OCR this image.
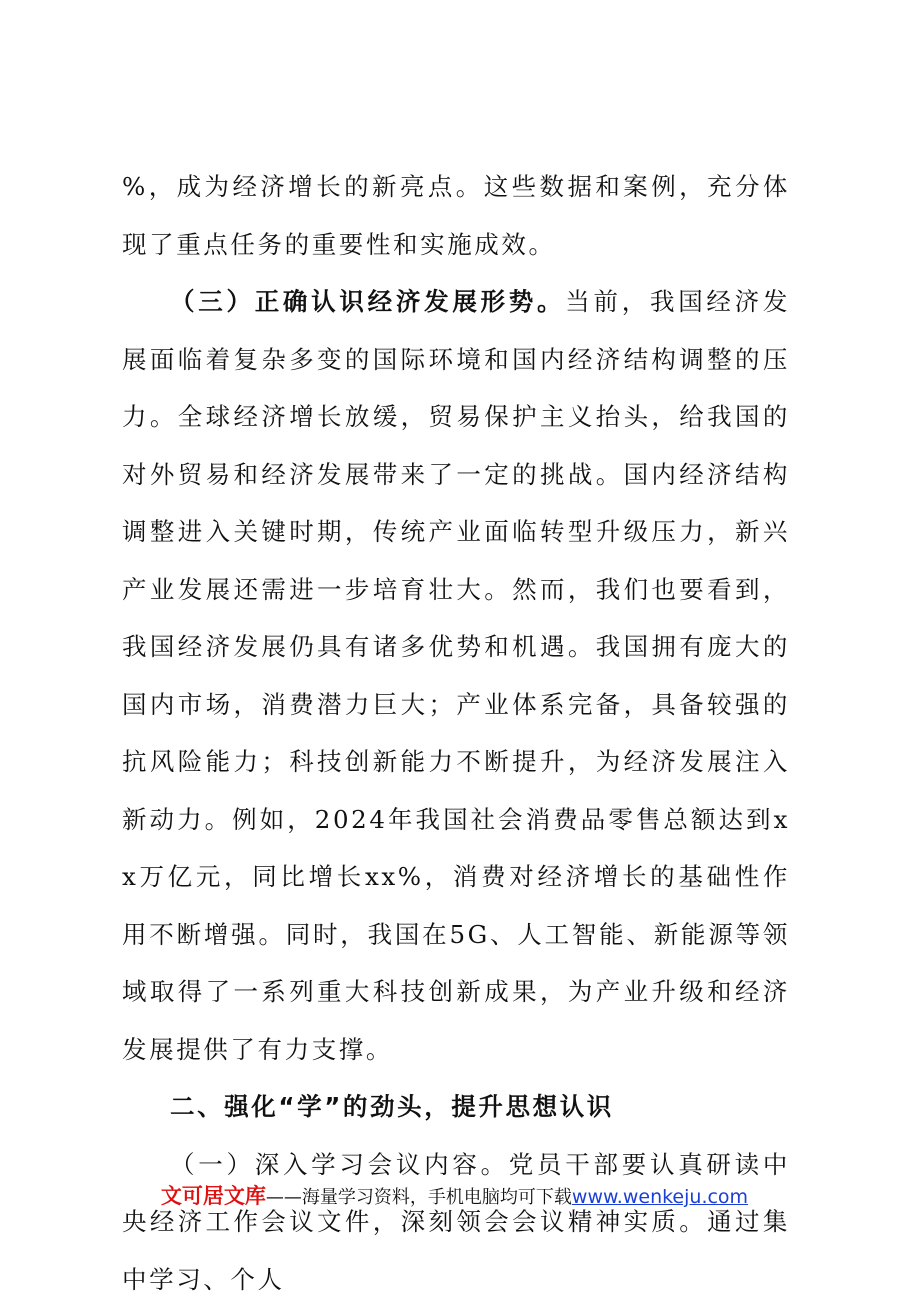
%，成为经济增长的新亮点。这些数据和案例，充分体现了重点任务的重要性和实施成效。

（三）正确认识经济发展形势。当前，我国经济发展面临着复杂多变的国际环境和国内经济结构调整的压力。全球经济增长放缓，贸易保护主义抬头，给我国的对外贸易和经济发展带来了一定的挑战。国内经济结构调整进入关键时期，传统产业面临转型升级压力，新兴产业发展还需进一步培育壮大。然而，我们也要看到，我国经济发展仍具有诸多优势和机遇。我国拥有庞大的国内市场，消费潜力巨大；产业体系完备，具备较强的抗风险能力；科技创新能力不断提升，为经济发展注入新动力。例如，2024年我国社会消费品零售总额达到xx万亿元，同比增长xx%，消费对经济增长的基础性作用不断增强。同时，我国在5G、人工智能、新能源等领域取得了一系列重大科技创新成果，为产业升级和经济发展提供了有力支撑。

二、强化“学”的劲头，提升思想认识

（一）深入学习会议内容。党员干部要认真研读中央经济工作会议文件，深刻领会会议精神实质。通过集中学习、个人

文可居文库——海量学习资料，手机电脑均可下载www.wenkeju.com
